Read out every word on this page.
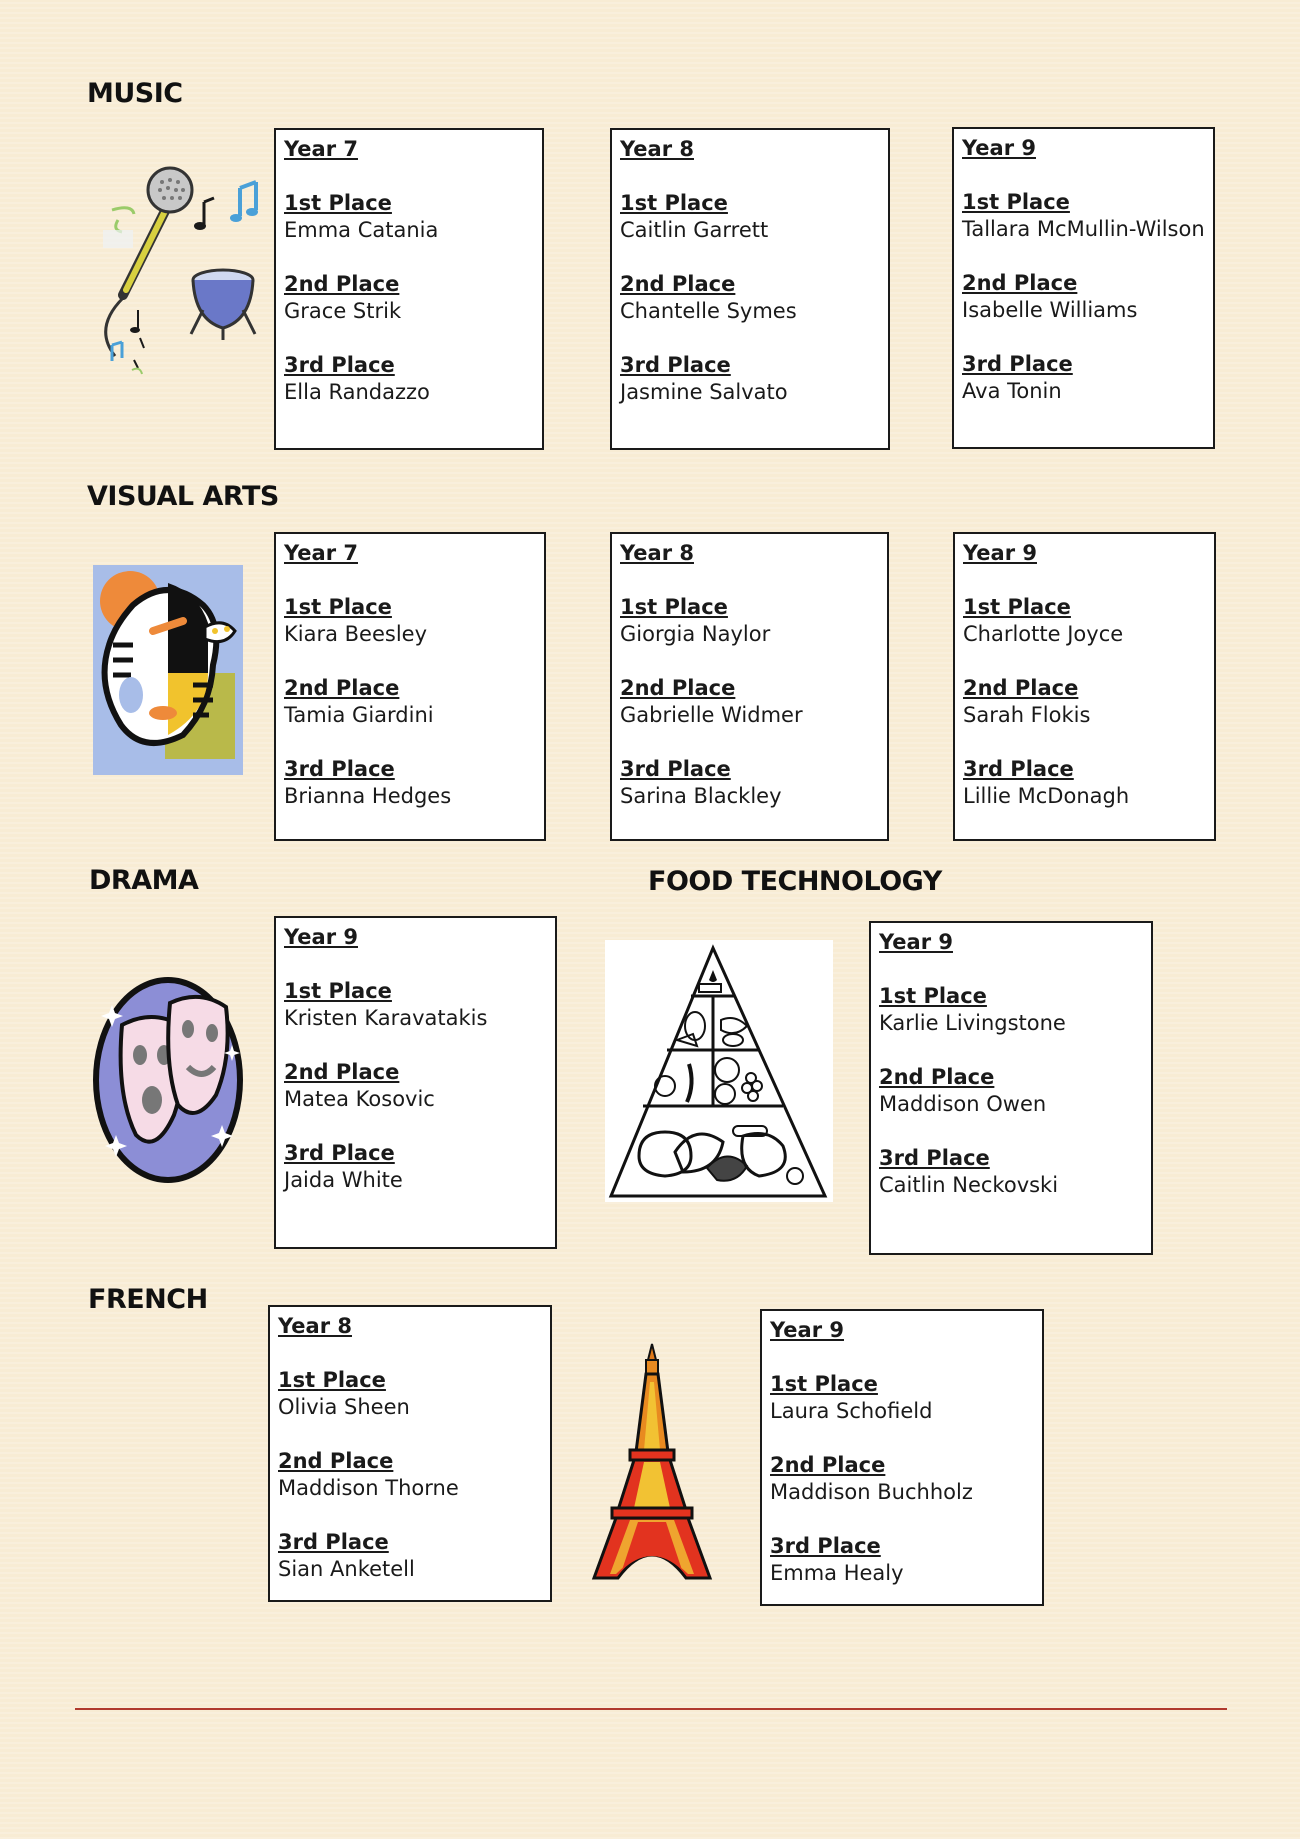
MUSIC
Year 7
1st Place
Emma Catania
2nd Place
Grace Strik
3rd Place
Ella Randazzo
Year 8
1st Place
Caitlin Garrett
2nd Place
Chantelle Symes
3rd Place
Jasmine Salvato
Year 9
1st Place
Tallara McMullin-Wilson
2nd Place
Isabelle Williams
3rd Place
Ava Tonin
VISUAL ARTS
Year 7
1st Place
Kiara Beesley
2nd Place
Tamia Giardini
3rd Place
Brianna Hedges
Year 8
1st Place
Giorgia Naylor
2nd Place
Gabrielle Widmer
3rd Place
Sarina Blackley
Year 9
1st Place
Charlotte Joyce
2nd Place
Sarah Flokis
3rd Place
Lillie McDonagh
DRAMA
Year 9
1st Place
Kristen Karavatakis
2nd Place
Matea Kosovic
3rd Place
Jaida White
FOOD TECHNOLOGY
Year 9
1st Place
Karlie Livingstone
2nd Place
Maddison Owen
3rd Place
Caitlin Neckovski
FRENCH
Year 8
1st Place
Olivia Sheen
2nd Place
Maddison Thorne
3rd Place
Sian Anketell
Year 9
1st Place
Laura Schofield
2nd Place
Maddison Buchholz
3rd Place
Emma Healy
